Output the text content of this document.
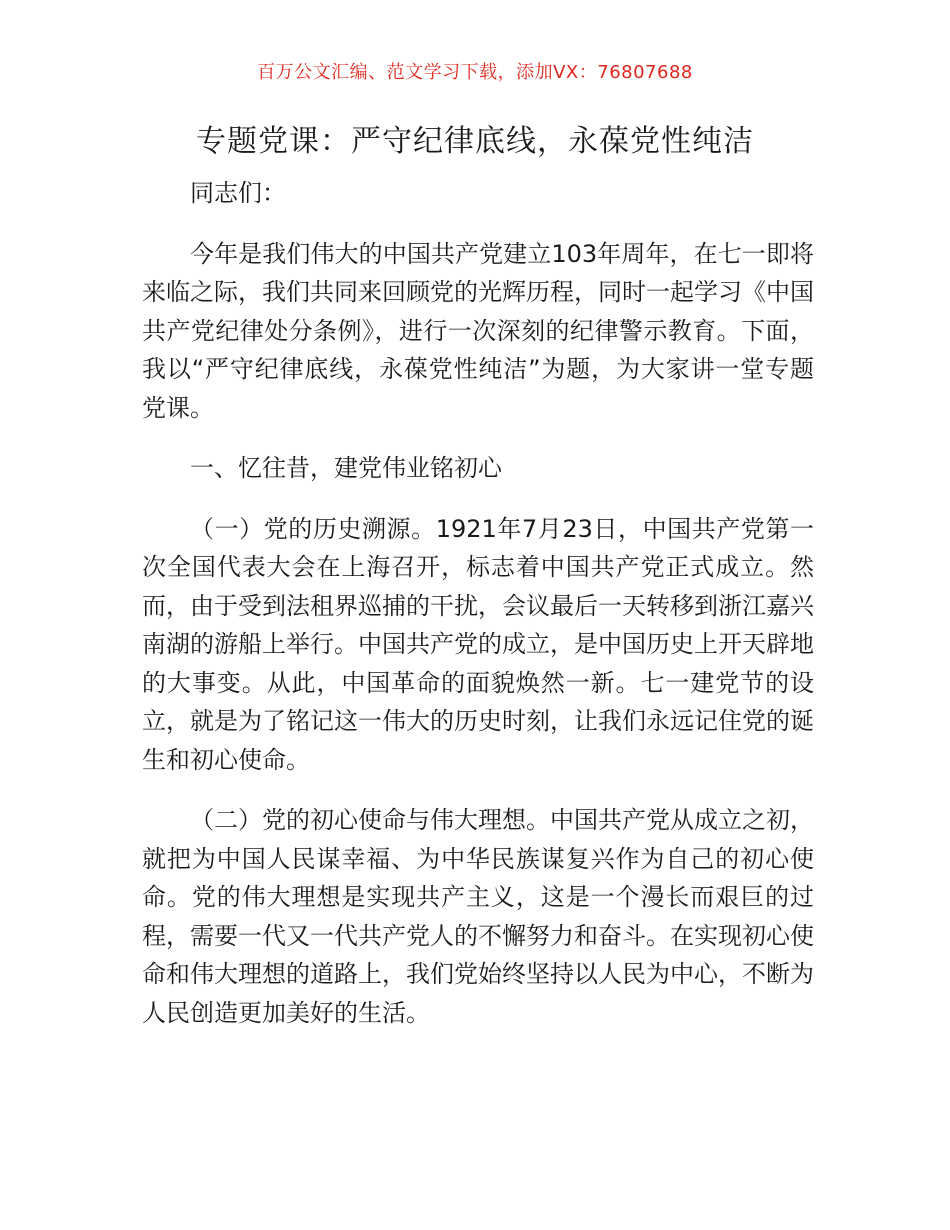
百万公文汇编、范文学习下载，添加VX：76807688
专题党课：严守纪律底线，永葆党性纯洁

同志们：

今年是我们伟大的中国共产党建立103年周年，在七一即将来临之际，我们共同来回顾党的光辉历程，同时一起学习《中国共产党纪律处分条例》，进行一次深刻的纪律警示教育。下面，我以“严守纪律底线，永葆党性纯洁”为题，为大家讲一堂专题党课。

一、忆往昔，建党伟业铭初心

（一）党的历史溯源。1921年7月23日，中国共产党第一次全国代表大会在上海召开，标志着中国共产党正式成立。然而，由于受到法租界巡捕的干扰，会议最后一天转移到浙江嘉兴南湖的游船上举行。中国共产党的成立，是中国历史上开天辟地的大事变。从此，中国革命的面貌焕然一新。七一建党节的设立，就是为了铭记这一伟大的历史时刻，让我们永远记住党的诞生和初心使命。

（二）党的初心使命与伟大理想。中国共产党从成立之初，就把为中国人民谋幸福、为中华民族谋复兴作为自己的初心使命。党的伟大理想是实现共产主义，这是一个漫长而艰巨的过程，需要一代又一代共产党人的不懈努力和奋斗。在实现初心使命和伟大理想的道路上，我们党始终坚持以人民为中心，不断为人民创造更加美好的生活。
